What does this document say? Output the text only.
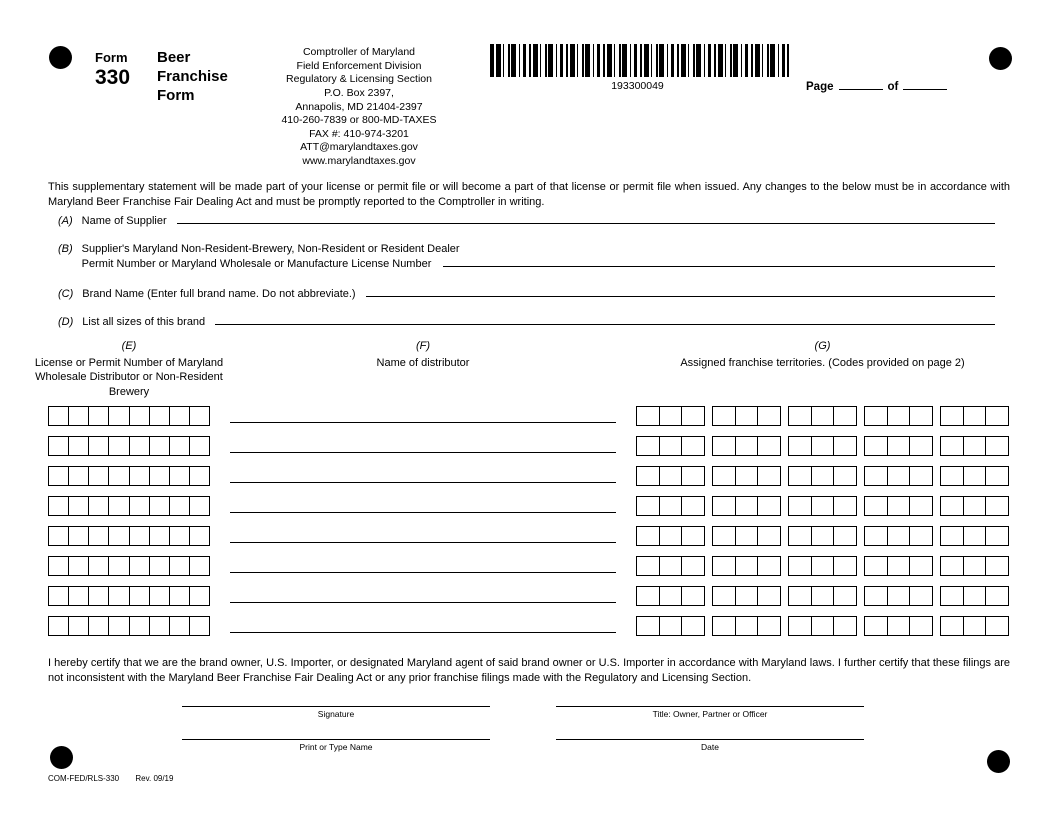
Form
330
Beer Franchise Form
Comptroller of Maryland
Field Enforcement Division
Regulatory & Licensing Section
P.O. Box 2397,
Annapolis, MD 21404-2397
410-260-7839 or 800-MD-TAXES
FAX #: 410-974-3201
ATT@marylandtaxes.gov
www.marylandtaxes.gov
193300049	Page	of
This supplementary statement will be made part of your license or permit file or will become a part of that license or permit file when issued. Any changes to the below must be in accordance with Maryland Beer Franchise Fair Dealing Act and must be promptly reported to the Comptroller in writing.
(A) Name of Supplier
(B) Supplier's Maryland Non-Resident-Brewery, Non-Resident or Resident Dealer
Permit Number or Maryland Wholesale or Manufacture License Number
(C) Brand Name (Enter full brand name. Do not abbreviate.)
(D) List all sizes of this brand
(E)	(F)	(G)
License or Permit Number of Maryland Wholesale Distributor or Non-Resident Brewery
Name of distributor	Assigned franchise territories. (Codes provided on page 2)
I hereby certify that we are the brand owner, U.S. Importer, or designated Maryland agent of said brand owner or U.S. Importer in accordance with Maryland laws. I further certify that these filings are not inconsistent with the Maryland Beer Franchise Fair Dealing Act or any prior franchise filings made with the Regulatory and Licensing Section.
Signature
Print or Type Name
Title: Owner, Partner or Officer
Date
COM-FED/RLS-330 Rev. 09/19
